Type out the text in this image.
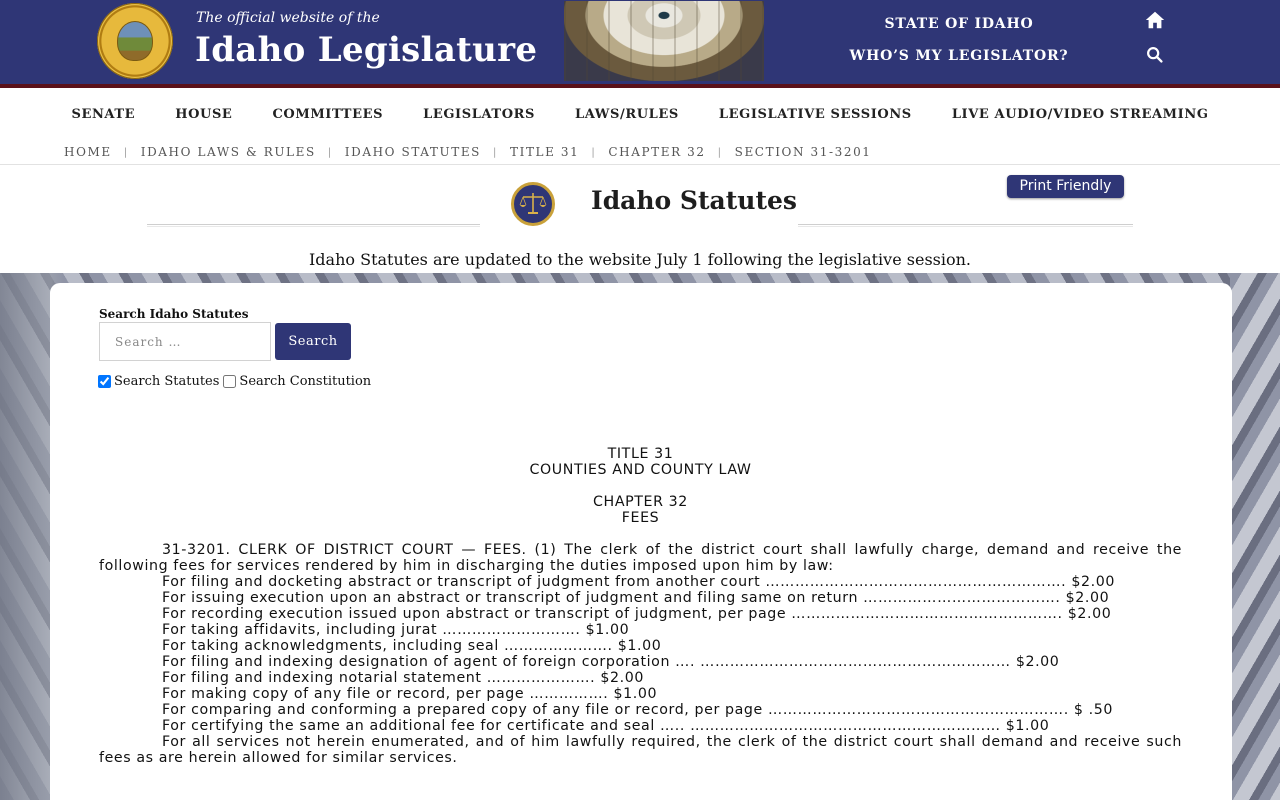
The official website of the
Idaho Legislature
STATE OF IDAHO
WHO’S MY LEGISLATOR?
SENATE	HOUSE	COMMITTEES	LEGISLATORS	LAWS/RULES	LEGISLATIVE SESSIONS	LIVE AUDIO/VIDEO STREAMING
HOME | IDAHO LAWS & RULES | IDAHO STATUTES | TITLE 31 | CHAPTER 32 | SECTION 31-3201
Print Friendly
Idaho Statutes
Idaho Statutes are updated to the website July 1 following the legislative session.
Search Idaho Statutes
Search …
Search
Search Statutes Search Constitution
TITLE 31
COUNTIES AND COUNTY LAW
CHAPTER 32
FEES
31-3201. CLERK OF DISTRICT COURT — FEES. (1) The clerk of the district court shall lawfully charge, demand and receive the following fees for services rendered by him in discharging the duties imposed upon him by law:
For filing and docketing abstract or transcript of judgment from another court ……………………………………………………. $2.00
For issuing execution upon an abstract or transcript of judgment and filing same on return …………………………………. $2.00
For recording execution issued upon abstract or transcript of judgment, per page ………………………………………………. $2.00
For taking affidavits, including jurat ………………………. $1.00
For taking acknowledgments, including seal …………………. $1.00
For filing and indexing designation of agent of foreign corporation …. ……………………………………………………… $2.00
For filing and indexing notarial statement …………………. $2.00
For making copy of any file or record, per page ……………. $1.00
For comparing and conforming a prepared copy of any file or record, per page ……………………………………………………. $ .50
For certifying the same an additional fee for certificate and seal ….. ……………………………………………………… $1.00
For all services not herein enumerated, and of him lawfully required, the clerk of the district court shall demand and receive such fees as are herein allowed for similar services.
